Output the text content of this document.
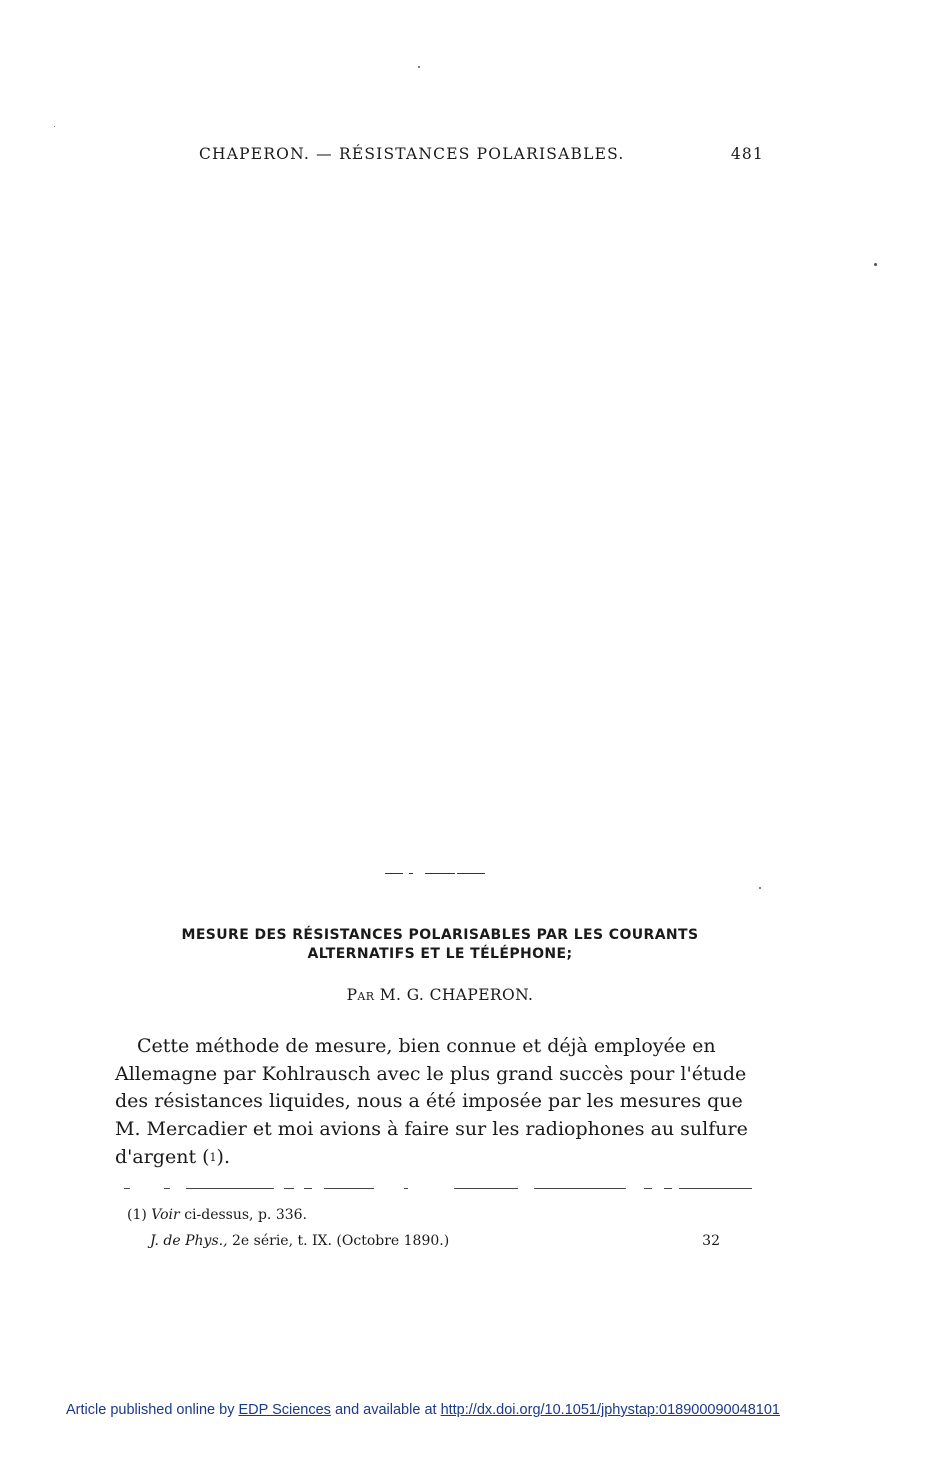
CHAPERON. — RÉSISTANCES POLARISABLES.	481
MESURE DES RÉSISTANCES POLARISABLES PAR LES COURANTS
ALTERNATIFS ET LE TÉLÉPHONE;
Par M. G. CHAPERON.
Cette méthode de mesure, bien connue et déjà employée en
Allemagne par Kohlrausch avec le plus grand succès pour l'étude
des résistances liquides, nous a été imposée par les mesures que
M. Mercadier et moi avions à faire sur les radiophones au sulfure
d'argent ( 1 ).
(1) Voir ci-dessus, p. 336.
J. de Phys., 2e série, t. IX. (Octobre 1890.)	32
Article published online by EDP Sciences and available at http://dx.doi.org/10.1051/jphystap:018900090048101
